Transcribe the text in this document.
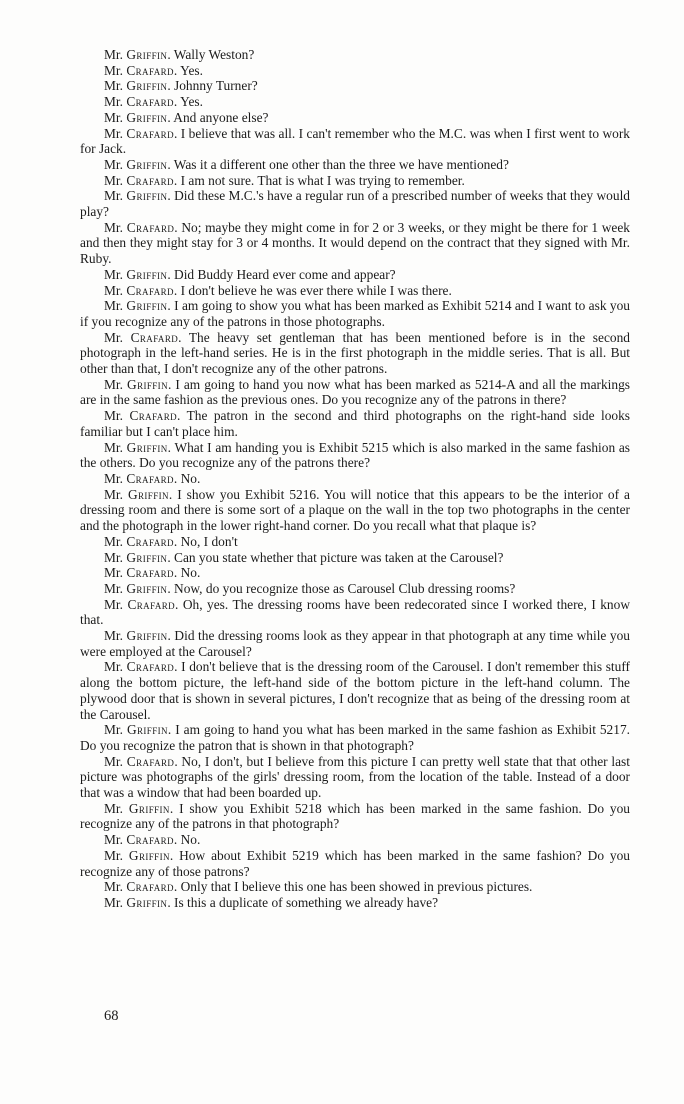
Mr. Griffin. Wally Weston?

Mr. Crafard. Yes.

Mr. Griffin. Johnny Turner?

Mr. Crafard. Yes.

Mr. Griffin. And anyone else?

Mr. Crafard. I believe that was all. I can't remember who the M.C. was when I first went to work for Jack.

Mr. Griffin. Was it a different one other than the three we have mentioned?

Mr. Crafard. I am not sure. That is what I was trying to remember.

Mr. Griffin. Did these M.C.'s have a regular run of a prescribed number of weeks that they would play?

Mr. Crafard. No; maybe they might come in for 2 or 3 weeks, or they might be there for 1 week and then they might stay for 3 or 4 months. It would depend on the contract that they signed with Mr. Ruby.

Mr. Griffin. Did Buddy Heard ever come and appear?

Mr. Crafard. I don't believe he was ever there while I was there.

Mr. Griffin. I am going to show you what has been marked as Exhibit 5214 and I want to ask you if you recognize any of the patrons in those photographs.

Mr. Crafard. The heavy set gentleman that has been mentioned before is in the second photograph in the left-hand series. He is in the first photograph in the middle series. That is all. But other than that, I don't recognize any of the other patrons.

Mr. Griffin. I am going to hand you now what has been marked as 5214-A and all the markings are in the same fashion as the previous ones. Do you recognize any of the patrons in there?

Mr. Crafard. The patron in the second and third photographs on the right-hand side looks familiar but I can't place him.

Mr. Griffin. What I am handing you is Exhibit 5215 which is also marked in the same fashion as the others. Do you recognize any of the patrons there?

Mr. Crafard. No.

Mr. Griffin. I show you Exhibit 5216. You will notice that this appears to be the interior of a dressing room and there is some sort of a plaque on the wall in the top two photographs in the center and the photograph in the lower right-hand corner. Do you recall what that plaque is?

Mr. Crafard. No, I don't

Mr. Griffin. Can you state whether that picture was taken at the Carousel?

Mr. Crafard. No.

Mr. Griffin. Now, do you recognize those as Carousel Club dressing rooms?

Mr. Crafard. Oh, yes. The dressing rooms have been redecorated since I worked there, I know that.

Mr. Griffin. Did the dressing rooms look as they appear in that photograph at any time while you were employed at the Carousel?

Mr. Crafard. I don't believe that is the dressing room of the Carousel. I don't remember this stuff along the bottom picture, the left-hand side of the bottom picture in the left-hand column. The plywood door that is shown in several pictures, I don't recognize that as being of the dressing room at the Carousel.

Mr. Griffin. I am going to hand you what has been marked in the same fashion as Exhibit 5217. Do you recognize the patron that is shown in that photograph?

Mr. Crafard. No, I don't, but I believe from this picture I can pretty well state that that other last picture was photographs of the girls' dressing room, from the location of the table. Instead of a door that was a window that had been boarded up.

Mr. Griffin. I show you Exhibit 5218 which has been marked in the same fashion. Do you recognize any of the patrons in that photograph?

Mr. Crafard. No.

Mr. Griffin. How about Exhibit 5219 which has been marked in the same fashion? Do you recognize any of those patrons?

Mr. Crafard. Only that I believe this one has been showed in previous pictures.

Mr. Griffin. Is this a duplicate of something we already have?

68
